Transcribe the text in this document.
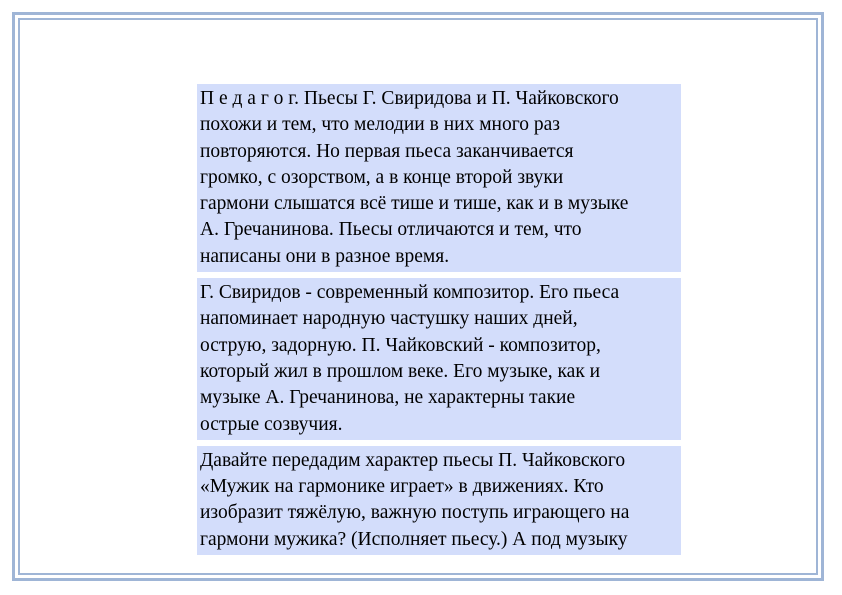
П е д а г о г. Пьесы Г. Свиридова и П. Чайковского
похожи и тем, что мелодии в них много раз
повторяются. Но первая пьеса заканчивается
громко, с озорством, а в конце второй звуки
гармони слышатся всё тише и тише, как и в музыке
А. Гречанинова. Пьесы отличаются и тем, что
написаны они в разное время.

Г. Свиридов - современный композитор. Его пьеса
напоминает народную частушку наших дней,
острую, задорную. П. Чайковский - композитор,
который жил в прошлом веке. Его музыке, как и
музыке А. Гречанинова, не характерны такие
острые созвучия.

Давайте передадим характер пьесы П. Чайковского
«Мужик на гармонике играет» в движениях. Кто
изобразит тяжёлую, важную поступь играющего на
гармони мужика? (Исполняет пьесу.) А под музыку
